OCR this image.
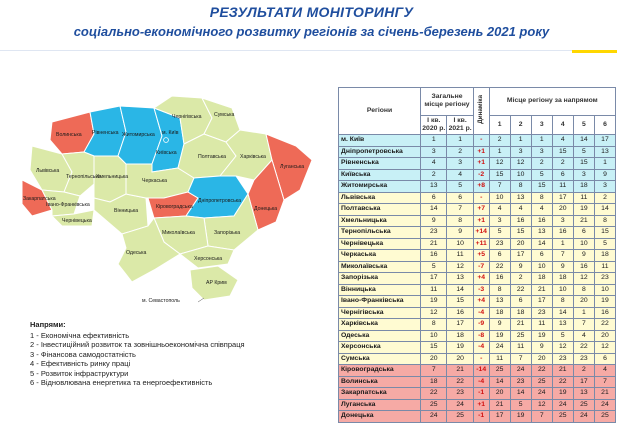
РЕЗУЛЬТАТИ МОНІТОРИНГУ
соціально-економічного розвитку регіонів за січень-березень 2021 року
Волинська Рівненська Житомирська
Чернігівська Сумська
Львівська
Тернопільська
Хмельницька
Київська
м. Київ
Полтавська	Харківська
Луганська
Донецька
Закарпатська
Івано-Франківська
Чернівецька
Вінницька
Черкаська
Кіровоградська
Дніпропетровська
Запорізька
Миколаївська
Одеська
Херсонська
АР Крим
м. Севастополь
Напрями:
1 - Економічна ефективність
2 - Інвестиційний розвиток та зовнішньоекономічна співпраця
3 - Фінансова самодостатність
4 - Ефективність ринку праці
5 - Розвиток інфраструктури
6 - Відновлювана енергетика та енергоефективність
Регіони	Загальне місце регіону		Динаміка	Місце регіону за напрямом					
	І кв. 2020 р.	І кв. 2021 р.		1	2	3	4	5	6
м. Київ	1	1	-	2	1	1	4	14	17
Дніпропетровська	3	2	+1	1	3	3	15	5	13
Рівненська	4	3	+1	12	12	2	2	15	1
Київська	2	4	-2	15	10	5	6	3	9
Житомирська	13	5	+8	7	8	15	11	18	3
Львівська	6	6	-	10	13	8	17	11	2
Полтавська	14	7	+7	4	4	4	20	19	14
Хмельницька	9	8	+1	3	16	16	3	21	8
Тернопільська	23	9	+14	5	15	13	16	6	15
Чернівецька	21	10	+11	23	20	14	1	10	5
Черкаська	16	11	+5	6	17	6	7	9	18
Миколаївська	5	12	-7	22	9	10	9	16	11
Запорізька	17	13	+4	16	2	18	18	12	23
Вінницька	11	14	-3	8	22	21	10	8	10
Івано-Франківська	19	15	+4	13	6	17	8	20	19
Чернігівська	12	16	-4	18	18	23	14	1	16
Харківська	8	17	-9	9	21	11	13	7	22
Одеська	10	18	-8	19	25	19	5	4	20
Херсонська	15	19	-4	24	11	9	12	22	12
Сумська	20	20	-	11	7	20	23	23	6
Кіровоградська	7	21	-14	25	24	22	21	2	4
Волинська	18	22	-4	14	23	25	22	17	7
Закарпатська	22	23	-1	20	14	24	19	13	21
Луганська	25	24	+1	21	5	12	24	25	24
Донецька	24	25	-1	17	19	7	25	24	25
